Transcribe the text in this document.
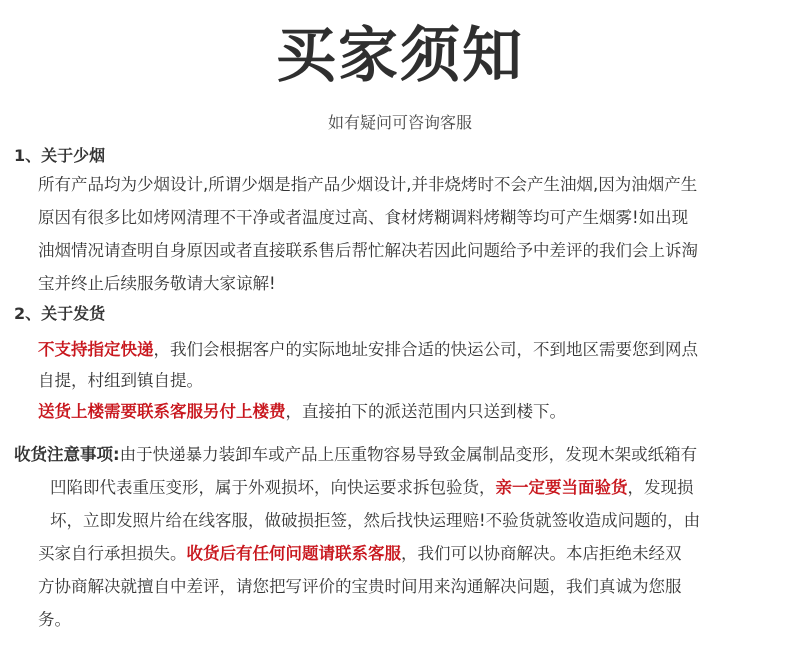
买家须知
如有疑问可咨询客服
1、关于少烟
所有产品均为少烟设计,所谓少烟是指产品少烟设计,并非烧烤时不会产生油烟,因为油烟产生
原因有很多比如烤网清理不干净或者温度过高、食材烤糊调料烤糊等均可产生烟雾!如出现
油烟情况请查明自身原因或者直接联系售后帮忙解决若因此问题给予中差评的我们会上诉淘
宝并终止后续服务敬请大家谅解!
2、关于发货
不支持指定快递，我们会根据客户的实际地址安排合适的快运公司，不到地区需要您到网点
自提，村组到镇自提。
送货上楼需要联系客服另付上楼费，直接拍下的派送范围内只送到楼下。
收货注意事项:由于快递暴力装卸车或产品上压重物容易导致金属制品变形，发现木架或纸箱有
凹陷即代表重压变形，属于外观损坏，向快运要求拆包验货，亲一定要当面验货，发现损
坏，立即发照片给在线客服，做破损拒签，然后找快运理赔!不验货就签收造成问题的，由
买家自行承担损失。收货后有任何问题请联系客服，我们可以协商解决。本店拒绝未经双
方协商解决就擅自中差评，请您把写评价的宝贵时间用来沟通解决问题，我们真诚为您服
务。
